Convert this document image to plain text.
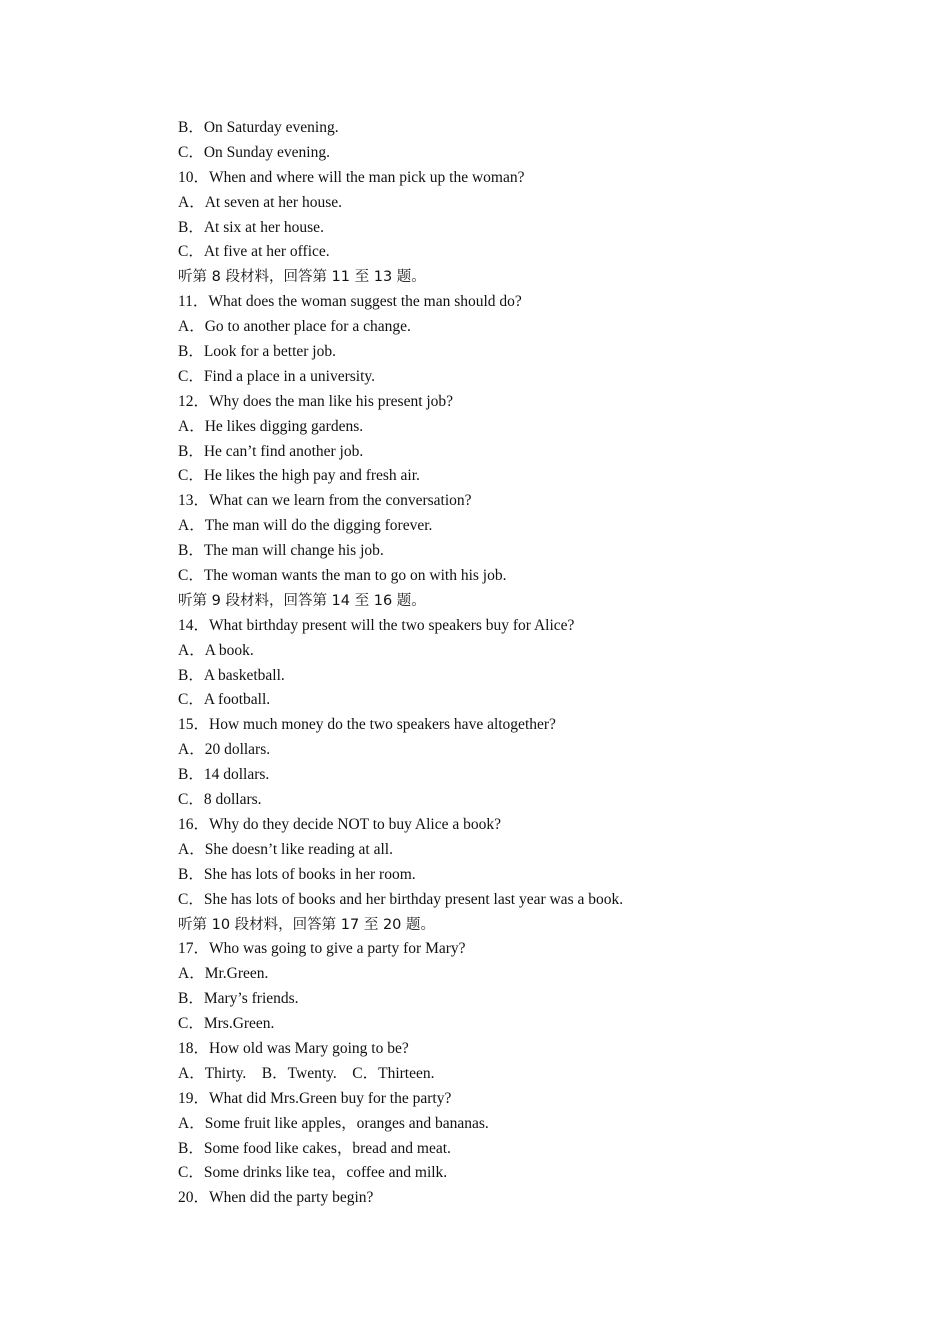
B．On Saturday evening.
C．On Sunday evening.
10．When and where will the man pick up the woman?
A．At seven at her house.
B．At six at her house.
C．At five at her office.
听第 8 段材料，回答第 11 至 13 题。
11．What does the woman suggest the man should do?
A．Go to another place for a change.
B．Look for a better job.
C．Find a place in a university.
12．Why does the man like his present job?
A．He likes digging gardens.
B．He can’t find another job.
C．He likes the high pay and fresh air.
13．What can we learn from the conversation?
A．The man will do the digging forever.
B．The man will change his job.
C．The woman wants the man to go on with his job.
听第 9 段材料，回答第 14 至 16 题。
14．What birthday present will the two speakers buy for Alice?
A．A book.
B．A basketball.
C．A football.
15．How much money do the two speakers have altogether?
A．20 dollars.
B．14 dollars.
C．8 dollars.
16．Why do they decide NOT to buy Alice a book?
A．She doesn’t like reading at all.
B．She has lots of books in her room.
C．She has lots of books and her birthday present last year was a book.
听第 10 段材料，回答第 17 至 20 题。
17．Who was going to give a party for Mary?
A．Mr.Green.
B．Mary’s friends.
C．Mrs.Green.
18．How old was Mary going to be?
A．Thirty.　B．Twenty.　C．Thirteen.
19．What did Mrs.Green buy for the party?
A．Some fruit like apples，oranges and bananas.
B．Some food like cakes，bread and meat.
C．Some drinks like tea，coffee and milk.
20．When did the party begin?
